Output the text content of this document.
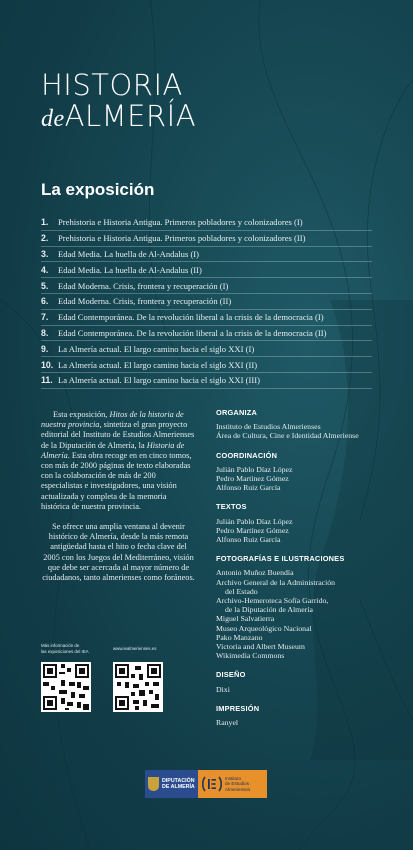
HISTORIA
deALMERÍA
La exposición
1.	Prehistoria e Historia Antigua. Primeros pobladores y colonizadores (I)
2.	Prehistoria e Historia Antigua. Primeros pobladores y colonizadores (II)
3.	Edad Media. La huella de Al-Andalus (I)
4.	Edad Media. La huella de Al-Andalus (II)
5.	Edad Moderna. Crisis, frontera y recuperación (I)
6.	Edad Moderna. Crisis, frontera y recuperación (II)
7.	Edad Contemporánea. De la revolución liberal a la crisis de la democracia (I)
8.	Edad Contemporánea. De la revolución liberal a la crisis de la democracia (II)
9.	La Almería actual. El largo camino hacia el siglo XXI (I)
10. La Almería actual. El largo camino hacia el siglo XXI (II)
11. La Almería actual. El largo camino hacia el siglo XXI (III)

Esta exposición, Hitos de la historia de nuestra provincia, sintetiza el gran proyecto editorial del Instituto de Estudios Almerienses de la Diputación de Almería, la Historia de Almería. Esta obra recoge en en cinco tomos, con más de 2000 páginas de texto elaboradas con la colaboración de más de 200 especialistas e investigadores, una visión actualizada y completa de la memoria histórica de nuestra provincia.

Se ofrece una amplia ventana al devenir histórico de Almería, desde la más remota antigüedad hasta el hito o fecha clave del 2005 con los Juegos del Mediterráneo, visión que debe ser acercada al mayor número de ciudadanos, tanto almerienses como foráneos.

ORGANIZA
Instituto de Estudios Almerienses
Área de Cultura, Cine e Identidad Almeriense
COORDINACIÓN
Julián Pablo Díaz López
Pedro Martínez Gómez
Alfonso Ruiz García
TEXTOS
Julián Pablo Díaz López
Pedro Martínez Gómez
Alfonso Ruiz García
FOTOGRAFÍAS E ILUSTRACIONES
Antonio Muñoz Buendía
Archivo General de la Administración
del Estado
Archivo-Hemeroteca Sofía Garrido,
de la Diputación de Almería
Miguel Salvatierra
Museo Arqueológico Nacional
Pako Manzano
Victoria and Albert Museum
Wikimedia Commons
DISEÑO
Dixi
IMPRESIÓN
Ranyel
Más información de
las exposiciones del IEA	www.iealmerienses.es
DIPUTACIÓN
DE ALMERÍA
Instituto
de Estudios
Almerienses
